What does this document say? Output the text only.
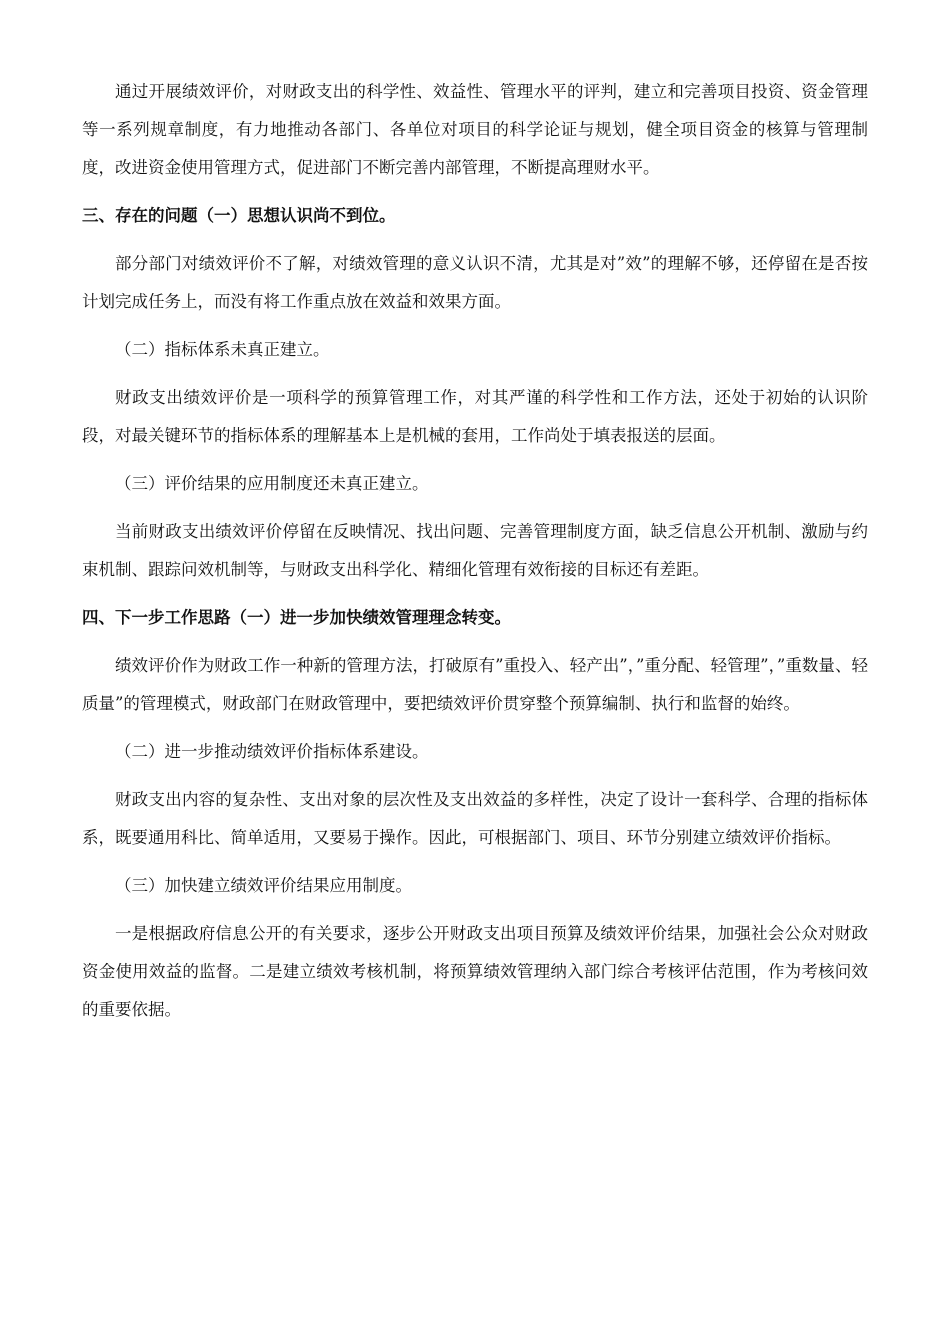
通过开展绩效评价，对财政支出的科学性、效益性、管理水平的评判，建立和完善项目投资、资金管理等一系列规章制度，有力地推动各部门、各单位对项目的科学论证与规划，健全项目资金的核算与管理制度，改进资金使用管理方式，促进部门不断完善内部管理，不断提高理财水平。

三、存在的问题（一）思想认识尚不到位。

部分部门对绩效评价不了解，对绩效管理的意义认识不清，尤其是对”效”的理解不够，还停留在是否按计划完成任务上，而没有将工作重点放在效益和效果方面。

（二）指标体系未真正建立。

财政支出绩效评价是一项科学的预算管理工作，对其严谨的科学性和工作方法，还处于初始的认识阶段，对最关键环节的指标体系的理解基本上是机械的套用，工作尚处于填表报送的层面。

（三）评价结果的应用制度还未真正建立。

当前财政支出绩效评价停留在反映情况、找出问题、完善管理制度方面，缺乏信息公开机制、激励与约束机制、跟踪问效机制等，与财政支出科学化、精细化管理有效衔接的目标还有差距。

四、下一步工作思路（一）进一步加快绩效管理理念转变。

绩效评价作为财政工作一种新的管理方法，打破原有”重投入、轻产出”，”重分配、轻管理”，”重数量、轻质量”的管理模式，财政部门在财政管理中，要把绩效评价贯穿整个预算编制、执行和监督的始终。

（二）进一步推动绩效评价指标体系建设。

财政支出内容的复杂性、支出对象的层次性及支出效益的多样性，决定了设计一套科学、合理的指标体系，既要通用科比、简单适用，又要易于操作。因此，可根据部门、项目、环节分别建立绩效评价指标。

（三）加快建立绩效评价结果应用制度。

一是根据政府信息公开的有关要求，逐步公开财政支出项目预算及绩效评价结果，加强社会公众对财政资金使用效益的监督。二是建立绩效考核机制，将预算绩效管理纳入部门综合考核评估范围，作为考核问效的重要依据。
